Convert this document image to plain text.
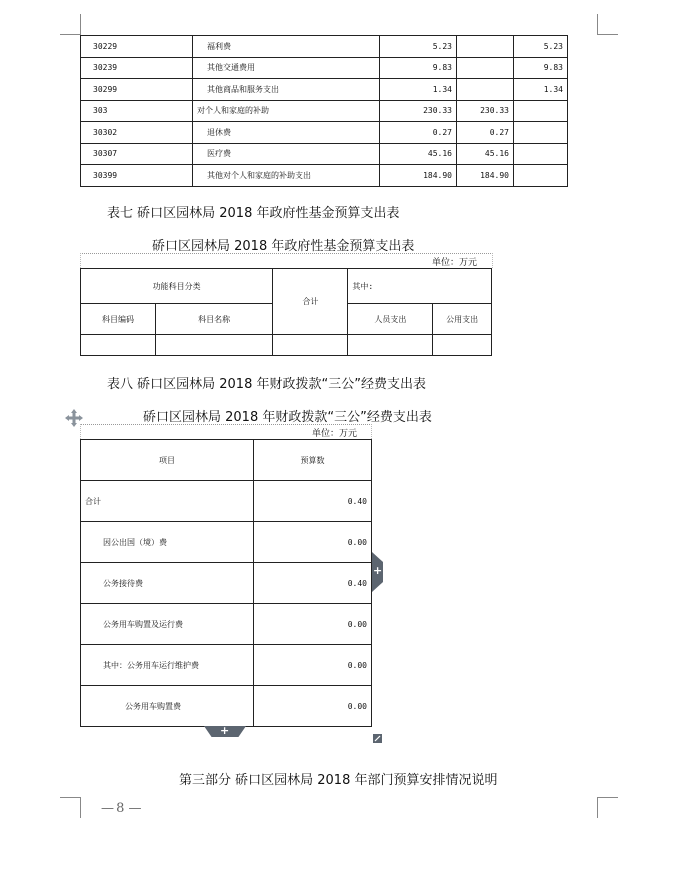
30229	福利费	5.23		5.23
30239	其他交通费用	9.83		9.83
30299	其他商品和服务支出	1.34		1.34
303	对个人和家庭的补助	230.33	230.33	
30302	退休费	0.27	0.27	
30307	医疗费	45.16	45.16	
30399	其他对个人和家庭的补助支出	184.90	184.90	
表七 硚口区园林局 2018 年政府性基金预算支出表
硚口区园林局 2018 年政府性基金预算支出表
单位：万元
功能科目分类		合计	其中:	
科目编码	科目名称		人员支出	公用支出

表八 硚口区园林局 2018 年财政拨款“三公”经费支出表
硚口区园林局 2018 年财政拨款“三公”经费支出表
单位：万元
项目	预算数
合计	0.40
因公出国（境）费	0.00
公务接待费	0.40
公务用车购置及运行费	0.00
其中：公务用车运行维护费	0.00
公务用车购置费	0.00
+
+
第三部分 硚口区园林局 2018 年部门预算安排情况说明
— 8 —
